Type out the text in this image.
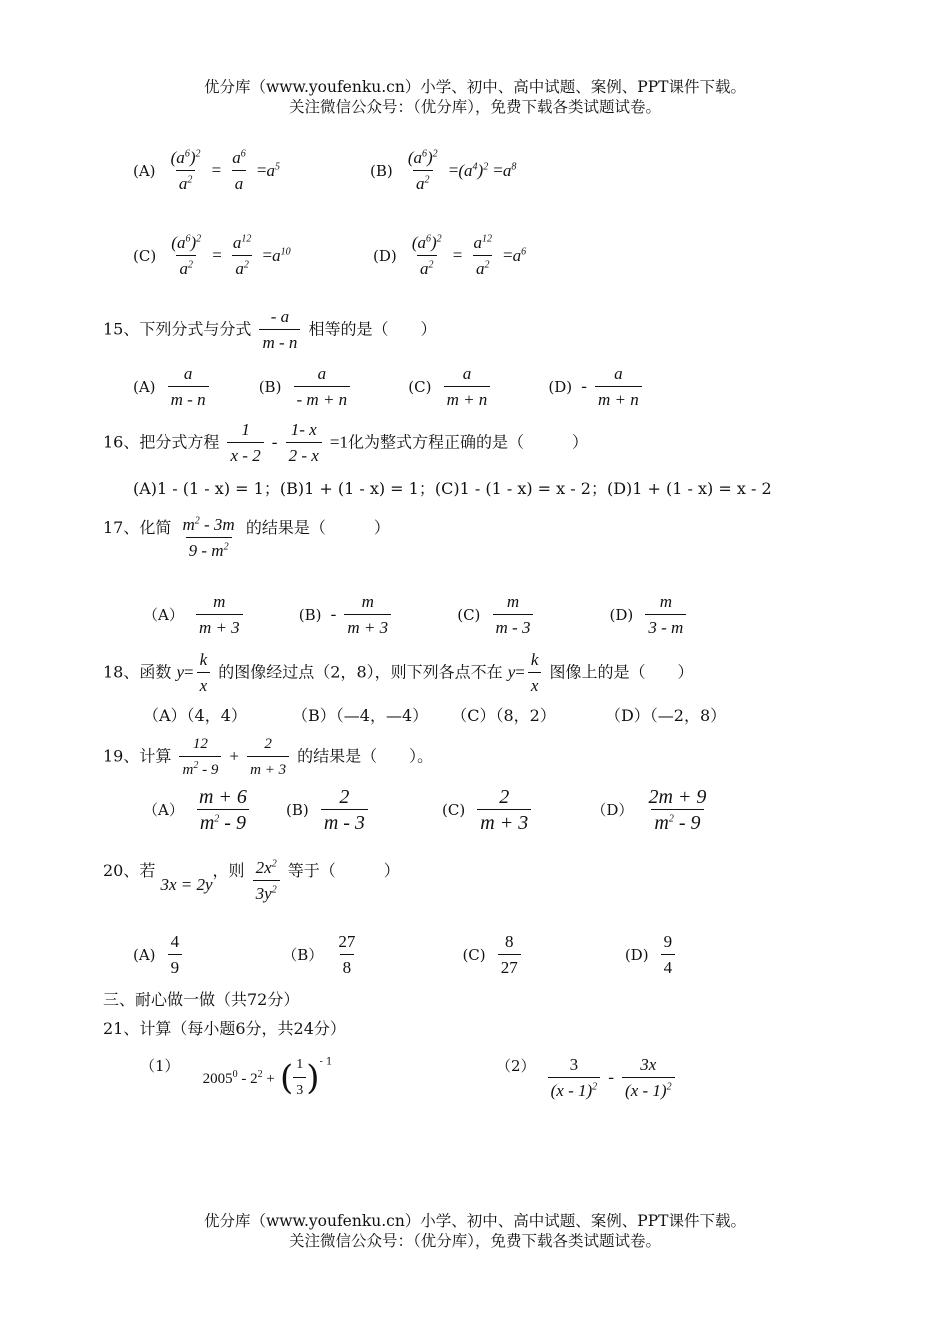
优分库（www.youfenku.cn）小学、初中、高中试题、案例、PPT课件下载。
关注微信公众号：（优分库），免费下载各类试题试卷。
$(A) \frac{(a^6)^2}{a^2} = \frac{a^6}{a} =a^5$	$(B) \frac{(a^6)^2}{a^2} =(a^4)^2 =a^8$
$(C) \frac{(a^6)^2}{a^2} = \frac{a^{12}}{a^2} =a^{10}$	$(D) \frac{(a^6)^2}{a^2} = \frac{a^{12}}{a^2} =a^6$
15、下列分式与分式 $\frac{- a}{m - n}$ 相等的是（　　）
$(A) \frac{a}{m - n}$	$(B) \frac{a}{- m + n}$	$(C) \frac{a}{m + n}$	$(D) - \frac{a}{m + n}$
16、把分式方程 $\frac{1}{x - 2} - \frac{1- x}{2 - x} =1$化为整式方程正确的是（　　　）
(A)1 - (1 - x) = 1；(B)1 + (1 - x) = 1；(C)1 - (1 - x) = x - 2；(D)1 + (1 - x) = x - 2
17、化简 $\frac{m^2 - 3m}{9 - m^2}$ 的结果是（　　　）
$(A) \frac{m}{m + 3}$	$(B) - \frac{m}{m + 3}$	$(C) \frac{m}{m - 3}$	$(D) \frac{m}{3 - m}$
18、函数 $y= \frac{k}{x}$ 的图像经过点（2，8），则下列各点不在 $y= \frac{k}{x}$ 图像上的是（　　）
（A）（4，4）	（B）（—4，—4） （C）（8，2）	（D）（—2，8）
19、计算 $\frac{12}{m^2 - 9} + \frac{2}{m + 3}$ 的结果是（　　）。
$(A) \frac{m + 6}{m^2 - 9} (B) \frac{2}{m - 3}$	$(C) \frac{2}{m + 3}$	$(D) \frac{2m + 9}{m^2 - 9}$
20、若 3x = 2y，则 $\frac{2x^2}{3y^2}$ 等于（　　　）
$(A) \frac{4}{9}$	$(B) \frac{27}{8}$	$(C) \frac{8}{27}$	$(D) \frac{9}{4}$
三、耐心做一做（共72分）
21、计算（每小题6分，共24分）
（1） $2005^0 - 2^2$ + ( $\frac{1}{3} )^{- 1}$	$(2) \frac{3}{(x - 1)^2} - \frac{3x}{(x - 1)^2}$
优分库（www.youfenku.cn）小学、初中、高中试题、案例、PPT课件下载。
关注微信公众号：（优分库），免费下载各类试题试卷。
